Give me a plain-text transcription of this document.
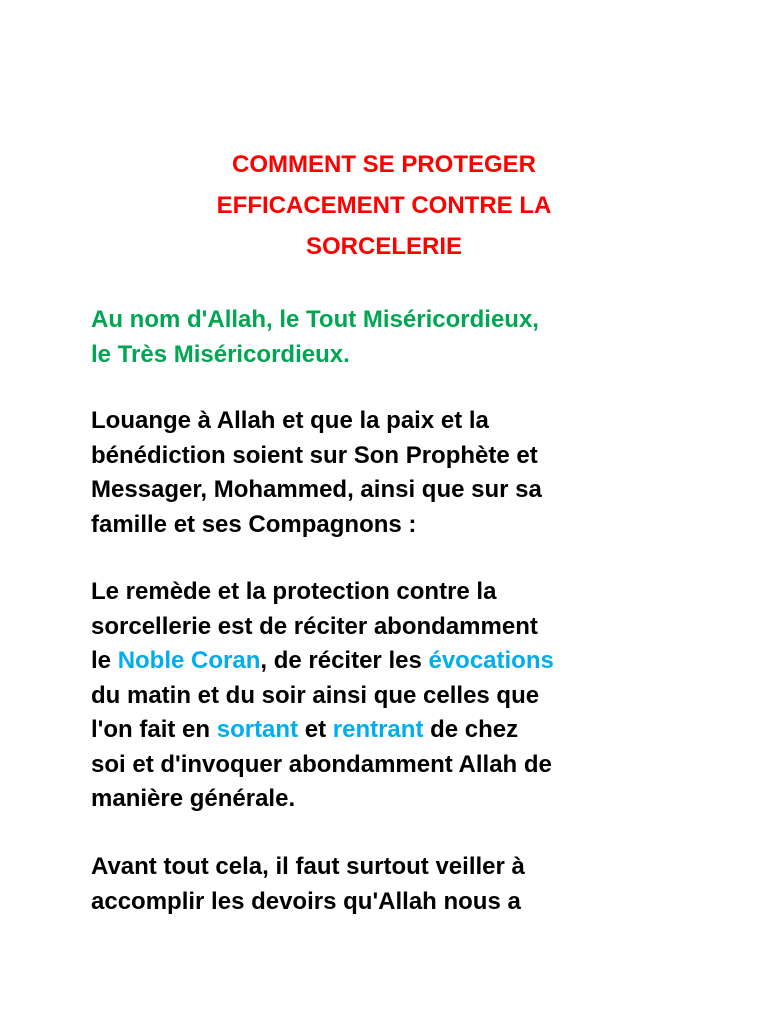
COMMENT SE PROTEGER
EFFICACEMENT CONTRE LA
SORCELERIE

Au nom d'Allah, le Tout Miséricordieux,
le Très Miséricordieux.

Louange à Allah et que la paix et la
bénédiction soient sur Son Prophète et
Messager, Mohammed, ainsi que sur sa
famille et ses Compagnons :

Le remède et la protection contre la
sorcellerie est de réciter abondamment
le Noble Coran, de réciter les évocations
du matin et du soir ainsi que celles que
l'on fait en sortant et rentrant de chez
soi et d'invoquer abondamment Allah de
manière générale.

Avant tout cela, il faut surtout veiller à
accomplir les devoirs qu'Allah nous a
